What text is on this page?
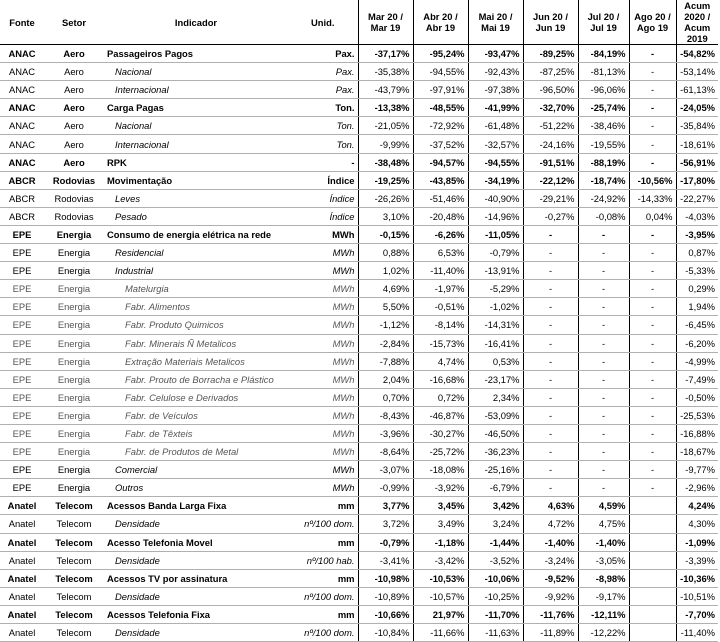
Fonte	Setor	Indicador	Unid.	Mar 20 / Mar 19	Abr 20 / Abr 19	Mai 20 / Mai 19	Jun 20 / Jun 19	Jul 20 / Jul 19	Ago 20 / Ago 19	Acum 2020 / Acum 2019
ANAC	Aero	Passageiros Pagos	Pax.	-37,17%	-95,24%	-93,47%	-89,25%	-84,19%	-	-54,82%
ANAC	Aero	Nacional	Pax.	-35,38%	-94,55%	-92,43%	-87,25%	-81,13%	-	-53,14%
ANAC	Aero	Internacional	Pax.	-43,79%	-97,91%	-97,38%	-96,50%	-96,06%	-	-61,13%
ANAC	Aero	Carga Pagas	Ton.	-13,38%	-48,55%	-41,99%	-32,70%	-25,74%	-	-24,05%
ANAC	Aero	Nacional	Ton.	-21,05%	-72,92%	-61,48%	-51,22%	-38,46%	-	-35,84%
ANAC	Aero	Internacional	Ton.	-9,99%	-37,52%	-32,57%	-24,16%	-19,55%	-	-18,61%
ANAC	Aero	RPK	-	-38,48%	-94,57%	-94,55%	-91,51%	-88,19%	-	-56,91%
ABCR	Rodovias	Movimentação	Índice	-19,25%	-43,85%	-34,19%	-22,12%	-18,74%	-10,56%	-17,80%
ABCR	Rodovias	Leves	Índice	-26,26%	-51,46%	-40,90%	-29,21%	-24,92%	-14,33%	-22,27%
ABCR	Rodovias	Pesado	Índice	3,10%	-20,48%	-14,96%	-0,27%	-0,08%	0,04%	-4,03%
EPE	Energia	Consumo de energia elétrica na rede	MWh	-0,15%	-6,26%	-11,05%	-	-	-	-3,95%
EPE	Energia	Residencial	MWh	0,88%	6,53%	-0,79%	-	-	-	0,87%
EPE	Energia	Industrial	MWh	1,02%	-11,40%	-13,91%	-	-	-	-5,33%
EPE	Energia	Matelurgia	MWh	4,69%	-1,97%	-5,29%	-	-	-	0,29%
EPE	Energia	Fabr. Alimentos	MWh	5,50%	-0,51%	-1,02%	-	-	-	1,94%
EPE	Energia	Fabr. Produto Quimicos	MWh	-1,12%	-8,14%	-14,31%	-	-	-	-6,45%
EPE	Energia	Fabr. Minerais Ñ Metalicos	MWh	-2,84%	-15,73%	-16,41%	-	-	-	-6,20%
EPE	Energia	Extração Materiais Metalicos	MWh	-7,88%	4,74%	0,53%	-	-	-	-4,99%
EPE	Energia	Fabr. Prouto de Borracha e Plástico	MWh	2,04%	-16,68%	-23,17%	-	-	-	-7,49%
EPE	Energia	Fabr. Celulose e Derivados	MWh	0,70%	0,72%	2,34%	-	-	-	-0,50%
EPE	Energia	Fabr. de Veículos	MWh	-8,43%	-46,87%	-53,09%	-	-	-	-25,53%
EPE	Energia	Fabr. de Têxteis	MWh	-3,96%	-30,27%	-46,50%	-	-	-	-16,88%
EPE	Energia	Fabr. de Produtos de Metal	MWh	-8,64%	-25,72%	-36,23%	-	-	-	-18,67%
EPE	Energia	Comercial	MWh	-3,07%	-18,08%	-25,16%	-	-	-	-9,77%
EPE	Energia	Outros	MWh	-0,99%	-3,92%	-6,79%	-	-	-	-2,96%
Anatel	Telecom	Acessos Banda Larga Fixa	mm	3,77%	3,45%	3,42%	4,63%	4,59%		4,24%
Anatel	Telecom	Densidade	nº/100 dom.	3,72%	3,49%	3,24%	4,72%	4,75%		4,30%
Anatel	Telecom	Acesso Telefonia Movel	mm	-0,79%	-1,18%	-1,44%	-1,40%	-1,40%		-1,09%
Anatel	Telecom	Densidade	nº/100 hab.	-3,41%	-3,42%	-3,52%	-3,24%	-3,05%		-3,39%
Anatel	Telecom	Acessos TV por assinatura	mm	-10,98%	-10,53%	-10,06%	-9,52%	-8,98%		-10,36%
Anatel	Telecom	Densidade	nº/100 dom.	-10,89%	-10,57%	-10,25%	-9,92%	-9,17%		-10,51%
Anatel	Telecom	Acessos Telefonia Fixa	mm	-10,66%	21,97%	-11,70%	-11,76%	-12,11%		-7,70%
Anatel	Telecom	Densidade	nº/100 dom.	-10,84%	-11,66%	-11,63%	-11,89%	-12,22%		-11,40%
